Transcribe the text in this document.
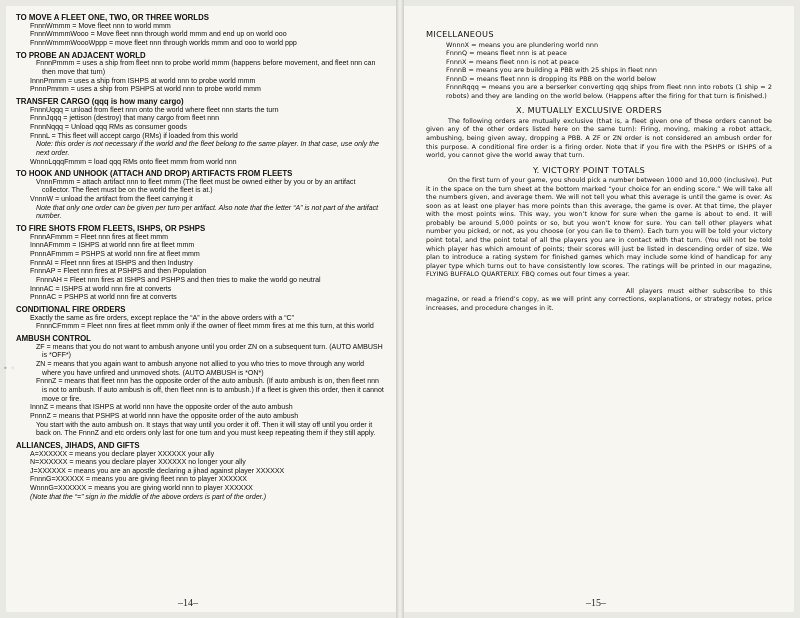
• ◦
TO MOVE A FLEET ONE, TWO, OR THREE WORLDS
FnnnWmmm = Move fleet nnn to world mmm
FnnnWmmmWooo = Move fleet nnn through world mmm and end up on world ooo
FnnnWmmmWoooWppp = move fleet nnn through worlds mmm and ooo to world ppp
TO PROBE AN ADJACENT WORLD
FnnnPmmm = uses a ship from fleet nnn to probe world mmm (happens before movement, and fleet nnn can then move that turn)
InnnPmmm = uses a ship from ISHPS at world nnn to probe world mmm
PnnnPmmm = uses a ship from PSHPS at world nnn to probe world mmm
TRANSFER CARGO (qqq is how many cargo)
FnnnUqqq = unload from fleet nnn onto the world where fleet nnn starts the turn
FnnnJqqq = jettison (destroy) that many cargo from fleet nnn
FnnnNqqq = Unload qqq RMs as consumer goods
FnnnL = This fleet will accept cargo (RMs) if loaded from this world
Note: this order is not necessary if the world and the fleet belong to the same player. In that case, use only the next order.
WnnnLqqqFmmm = load qqq RMs onto fleet mmm from world nnn
TO HOOK AND UNHOOK (ATTACH AND DROP) ARTIFACTS FROM FLEETS
VnnnFmmm = attach artifact nnn to fleet mmm (The fleet must be owned either by you or by an artifact collector. The fleet must be on the world the fleet is at.)
VnnnW = unload the artifact from the fleet carrying it
Note that only one order can be given per turn per artifact. Also note that the letter “A” is not part of the artifact number.
TO FIRE SHOTS FROM FLEETS, ISHPS, OR PSHPS
FnnnAFmmm = Fleet nnn fires at fleet mmm
InnnAFmmm = ISHPS at world nnn fire at fleet mmm
PnnnAFmmm = PSHPS at world nnn fire at fleet mmm
FnnnAI = Fleet nnn fires at ISHPS and then Industry
FnnnAP = Fleet nnn fires at PSHPS and then Population
FnnnAH = Fleet nnn fires at ISHPS and PSHPS and then tries to make the world go neutral
InnnAC = ISHPS at world nnn fire at converts
PnnnAC = PSHPS at world nnn fire at converts
CONDITIONAL FIRE ORDERS
Exactly the same as fire orders, except replace the “A” in the above orders with a “C”
FnnnCFmmm = Fleet nnn fires at fleet mmm only if the owner of fleet mmm fires at me this turn, at this world
AMBUSH CONTROL
ZF = means that you do not want to ambush anyone until you order ZN on a subsequent turn. (AUTO AMBUSH is *OFF*)
ZN = means that you again want to ambush anyone not allied to you who tries to move through any world where you have unfired and unmoved shots. (AUTO AMBUSH is *ON*)
FnnnZ = means that fleet nnn has the opposite order of the auto ambush. (If auto ambush is on, then fleet nnn is not to ambush. If auto ambush is off, then fleet nnn is to ambush.) If a fleet is given this order, then it cannot move or fire.
InnnZ = means that ISHPS at world nnn have the opposite order of the auto ambush
PnnnZ = means that PSHPS at world nnn have the opposite order of the auto ambush
You start with the auto ambush on. It stays that way until you order it off. Then it will stay off until you order it back on. The FnnnZ and etc orders only last for one turn and you must keep repeating them if they still apply.
ALLIANCES, JIHADS, AND GIFTS
A=XXXXXX = means you declare player XXXXXX your ally
N=XXXXXX = means you declare player XXXXXX no longer your ally
J=XXXXXX = means you are an apostle declaring a jihad against player XXXXXX
FnnnG=XXXXXX = means you are giving fleet nnn to player XXXXXX
WnnnG=XXXXXX = means you are giving world nnn to player XXXXXX
(Note that the “=” sign in the middle of the above orders is part of the order.)
MICELLANEOUS
WnnnX = means you are plundering world nnn
FnnnQ = means fleet nnn is at peace
FnnnX = means fleet nnn is not at peace
FnnnB = means you are building a PBB with 25 ships in fleet nnn
FnnnD = means fleet nnn is dropping its PBB on the world below
FnnnRqqq = means you are a berserker converting qqq ships from fleet nnn into robots (1 ship = 2 robots) and they are landing on the world below. (Happens after the firing for that turn is finished.)
X. MUTUALLY EXCLUSIVE ORDERS
The following orders are mutually exclusive (that is, a fleet given one of these orders cannot be given any of the other orders listed here on the same turn): Firing, moving, making a robot attack, ambushing, being given away, dropping a PBB. A ZF or ZN order is not considered an ambush order for this purpose. A conditional fire order is a firing order. Note that if you fire with the PSHPS or ISHPS of a world, you cannot give the world away that turn.
Y. VICTORY POINT TOTALS
On the first turn of your game, you should pick a number between 1000 and 10,000 (inclusive). Put it in the space on the turn sheet at the bottom marked “your choice for an ending score.” We will take all the numbers given, and average them. We will not tell you what this average is until the game is over. As soon as at least one player has more points than this average, the game is over. At that time, the player with the most points wins. This way, you won’t know for sure when the game is about to end. It will probably be around 5,000 points or so, but you won’t know for sure. You can tell other players what number you picked, or not, as you choose (or you can lie to them). Each turn you will be told your victory point total, and the point total of all the players you are in contact with that turn. (You will not be told which player has which amount of points; their scores will just be listed in descending order of size. We plan to introduce a rating system for finished games which may include some kind of handicap for any player type which turns out to have consistently low scores. The ratings will be printed in our magazine, FLYING BUFFALO QUARTERLY. FBQ comes out four times a year.
All players must either subscribe to this magazine, or read a friend’s copy, as we will print any corrections, explanations, or strategy notes, price increases, and procedure changes in it.
–14–	–15–
